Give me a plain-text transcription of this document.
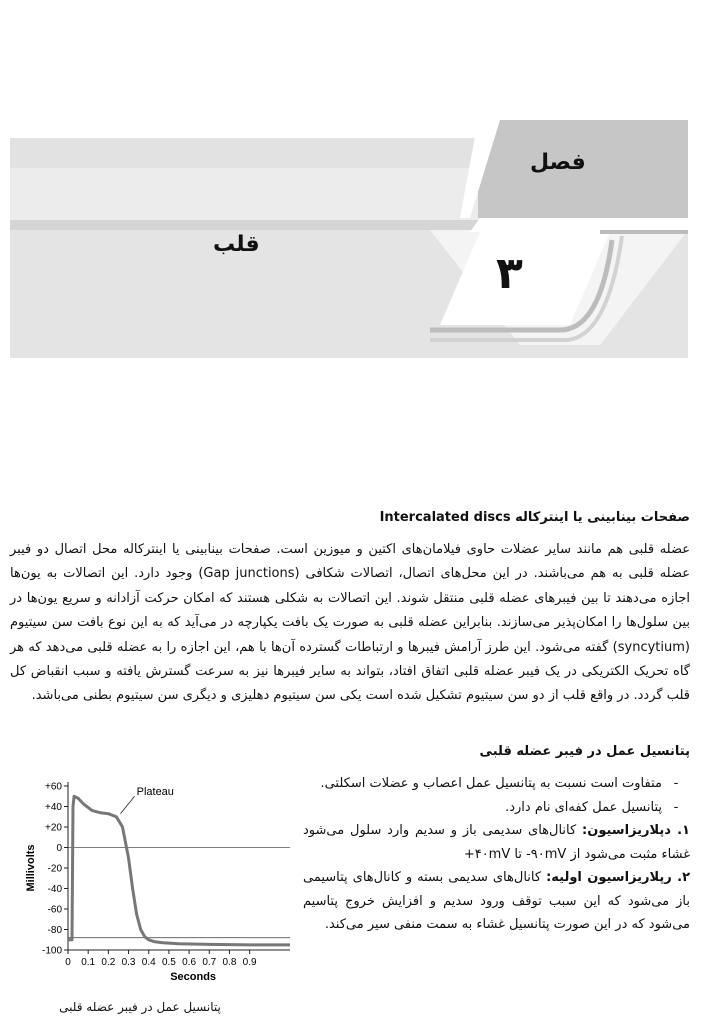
فصل
قلب
۳
صفحات بینابینی یا اینترکاله Intercalated discs
عضله قلبی هم مانند سایر عضلات حاوی فیلامان‌های اکتین و میوزین است. صفحات بینابینی یا اینترکاله محل اتصال دو فیبر عضله قلبی به هم می‌باشند. در این محل‌های اتصال، اتصالات شکافی (Gap junctions) وجود دارد. این اتصالات به یون‌ها اجازه می‌دهند تا بین فیبرهای عضله قلبی منتقل شوند. این اتصالات به شکلی هستند که امکان حرکت آزادانه و سریع یون‌ها در بین سلول‌ها را امکان‌پذیر می‌سازند. بنابراین عضله قلبی به صورت یک بافت یکپارچه در می‌آید که به این نوع بافت سن سیتیوم (syncytium) گفته می‌شود. این طرز آرامش فیبرها و ارتباطات گسترده آن‌ها با هم، این اجازه را به عضله قلبی می‌دهد که هر گاه تحریک الکتریکی در یک فیبر عضله قلبی اتفاق افتاد، بتواند به سایر فیبرها نیز به سرعت گسترش یافته و سبب انقباض کل قلب گردد. در واقع قلب از دو سن سیتیوم تشکیل شده است یکی سن سیتیوم دهلیزی و دیگری سن سیتیوم بطنی می‌باشد.
پتانسیل عمل در فیبر عضله قلبی
-
متفاوت است نسبت به پتانسیل عمل اعصاب و عضلات اسکلتی.
-
پتانسیل عمل کفه‌ای نام دارد.
۱. دپلاریزاسیون: کانال‌های سدیمی باز و سدیم وارد سلول می‌شود غشاء مثبت می‌شود از ۹۰mV- تا ۴۰mV+
۲. رپلاریزاسیون اولیه: کانال‌های سدیمی بسته و کانال‌های پتاسیمی باز می‌شود که این سبب توقف ورود سدیم و افزایش خروج پتاسیم می‌شود که در این صورت پتانسیل غشاء به سمت منفی سیر می‌کند.
+60
+40
+20
0
-20
-40
-60
-80
-100
0 0.1 0.2 0.3 0.4 0.5 0.6 0.7 0.8 0.9
Seconds
Millivolts
Plateau
پتانسیل عمل در فیبر عضله قلبی
